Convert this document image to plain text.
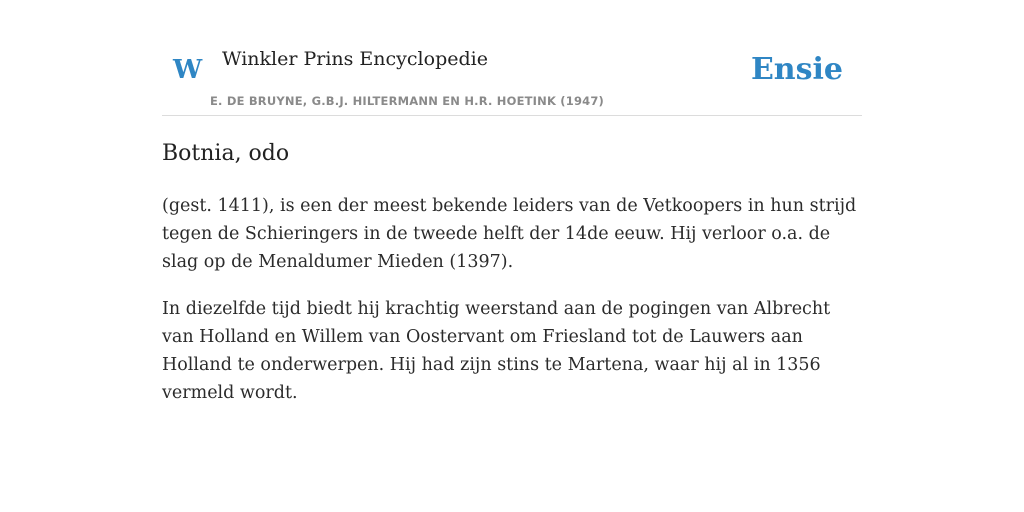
W Winkler Prins Encyclopedie
E. DE BRUYNE, G.B.J. HILTERMANN EN H.R. HOETINK (1947)
Ensie
Botnia, odo

(gest. 1411), is een der meest bekende leiders van de Vetkoopers in hun strijd tegen de Schieringers in de tweede helft der 14de eeuw. Hij verloor o.a. de slag op de Menaldumer Mieden (1397).

In diezelfde tijd biedt hij krachtig weerstand aan de pogingen van Albrecht van Holland en Willem van Oostervant om Friesland tot de Lauwers aan Holland te onderwerpen. Hij had zijn stins te Martena, waar hij al in 1356 vermeld wordt.
